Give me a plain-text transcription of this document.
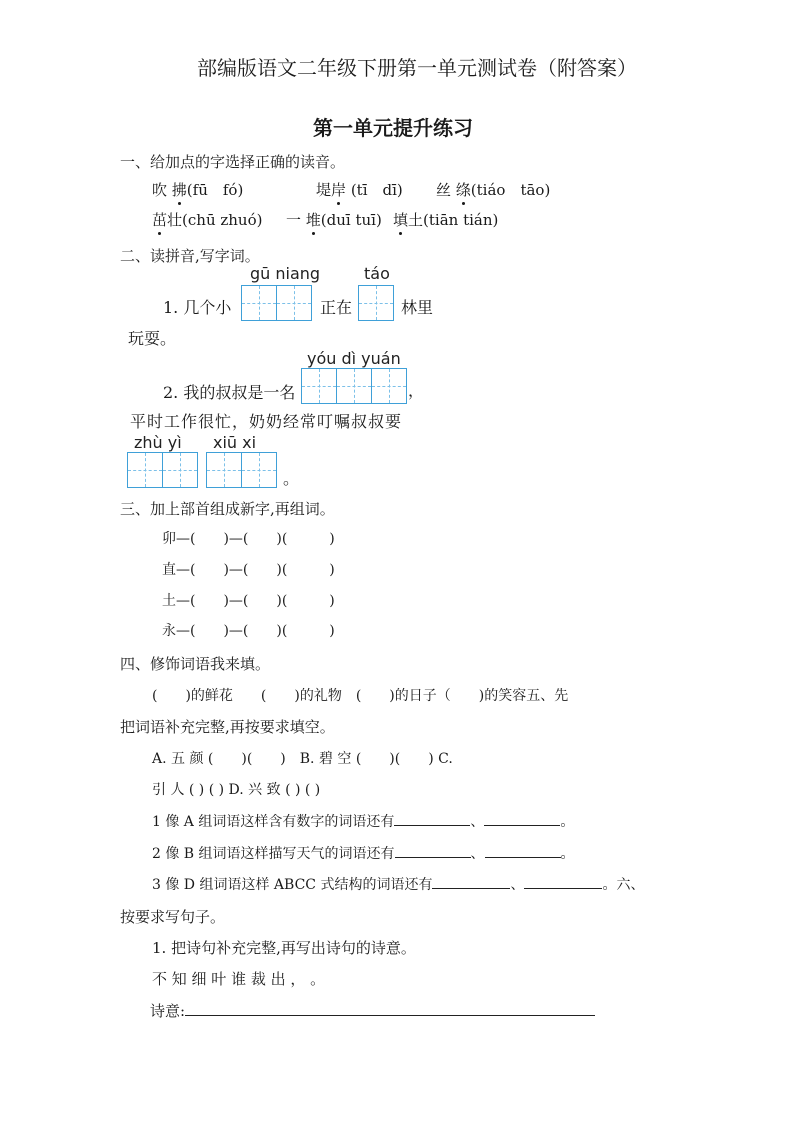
部编版语文二年级下册第一单元测试卷（附答案）
第一单元提升练习
一、给加点的字选择正确的读音。
吹 拂(fū　fó)	堤岸 (tī　dī) 丝 绦(tiáo　tāo)
茁壮(chū zhuó) 一 堆(duī tuī) 填土(tiān tián)
二、读拼音,写字词。
gū niang	táo
1. 几个小	正在	林里
玩耍。
yóu dì yuán
2. 我的叔叔是一名	，
平时工作很忙，奶奶经常叮嘱叔叔要
zhù yì xiū xi
。
三、加上部首组成新字,再组词。
卯—(　　)—(　　)(　　　)
直—(　　)—(　　)(　　　)
土—(　　)—(　　)(　　　)
永—(　　)—(　　)(　　　)
四、修饰词语我来填。
(　　)的鲜花　　(　　)的礼物　(　　)的日子（　　)的笑容五、先
把词语补充完整,再按要求填空。
A. 五 颜 (　　)(　　)　B. 碧 空 (　　)(　　) C.
引 人 ( ) ( ) D. 兴 致 ( ) ( )
1 像 A 组词语这样含有数字的词语还有	、	。
2 像 B 组词语这样描写天气的词语还有	、	。
3 像 D 组词语这样 ABCC 式结构的词语还有	、	。六、
按要求写句子。
1. 把诗句补充完整,再写出诗句的诗意。
不 知 细 叶 谁 裁 出 ， 。
诗意:
